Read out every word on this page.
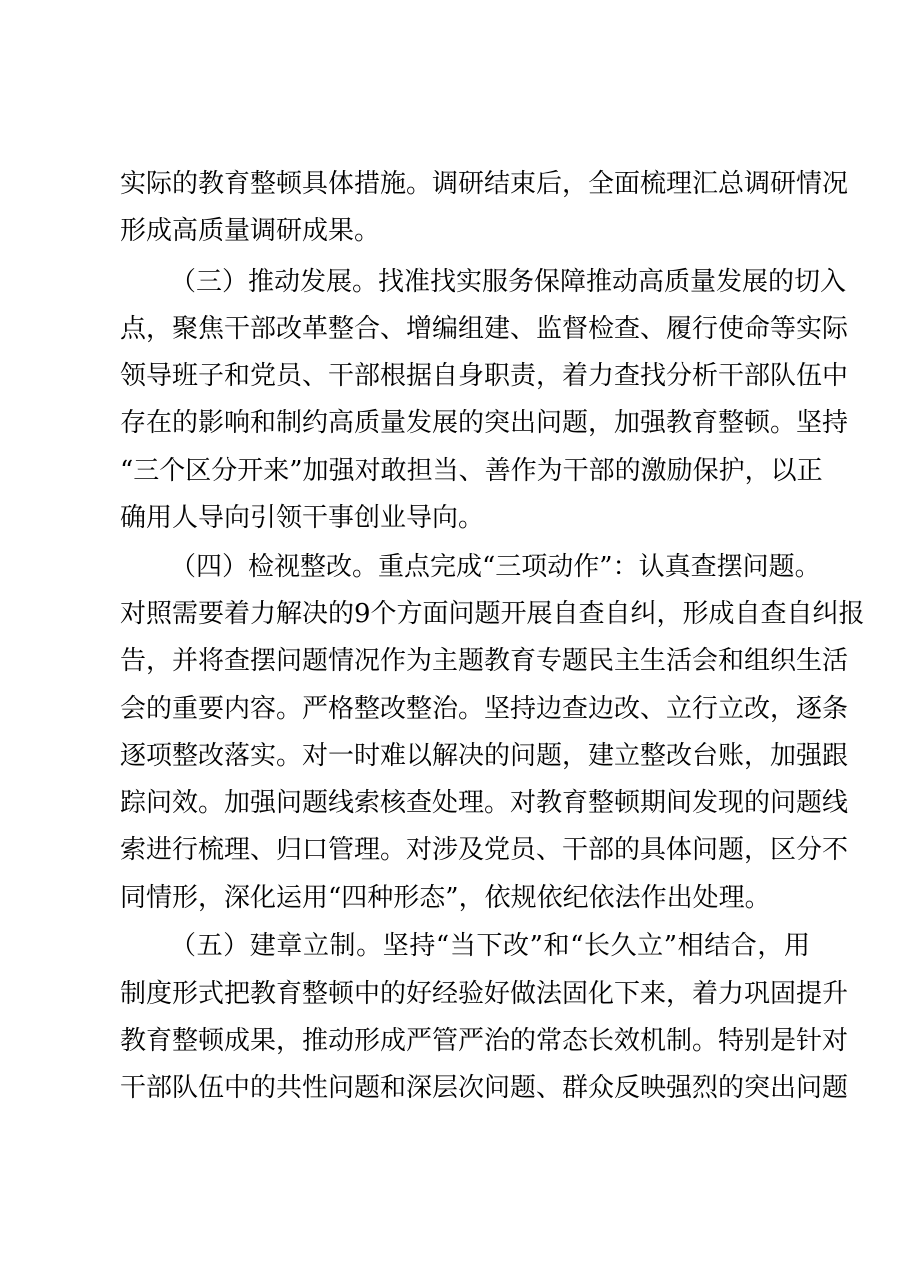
实际的教育整顿具体措施。调研结束后，全面梳理汇总调研情况
形成高质量调研成果。
（三）推动发展。找准找实服务保障推动高质量发展的切入
点，聚焦干部改革整合、增编组建、监督检查、履行使命等实际
领导班子和党员、干部根据自身职责，着力查找分析干部队伍中
存在的影响和制约高质量发展的突出问题，加强教育整顿。坚持
“三个区分开来”加强对敢担当、善作为干部的激励保护，以正
确用人导向引领干事创业导向。
（四）检视整改。重点完成“三项动作”：认真查摆问题。
对照需要着力解决的9个方面问题开展自查自纠，形成自查自纠报
告，并将查摆问题情况作为主题教育专题民主生活会和组织生活
会的重要内容。严格整改整治。坚持边查边改、立行立改，逐条
逐项整改落实。对一时难以解决的问题，建立整改台账，加强跟
踪问效。加强问题线索核查处理。对教育整顿期间发现的问题线
索进行梳理、归口管理。对涉及党员、干部的具体问题，区分不
同情形，深化运用“四种形态”，依规依纪依法作出处理。
（五）建章立制。坚持“当下改”和“长久立”相结合，用
制度形式把教育整顿中的好经验好做法固化下来，着力巩固提升
教育整顿成果，推动形成严管严治的常态长效机制。特别是针对
干部队伍中的共性问题和深层次问题、群众反映强烈的突出问题
